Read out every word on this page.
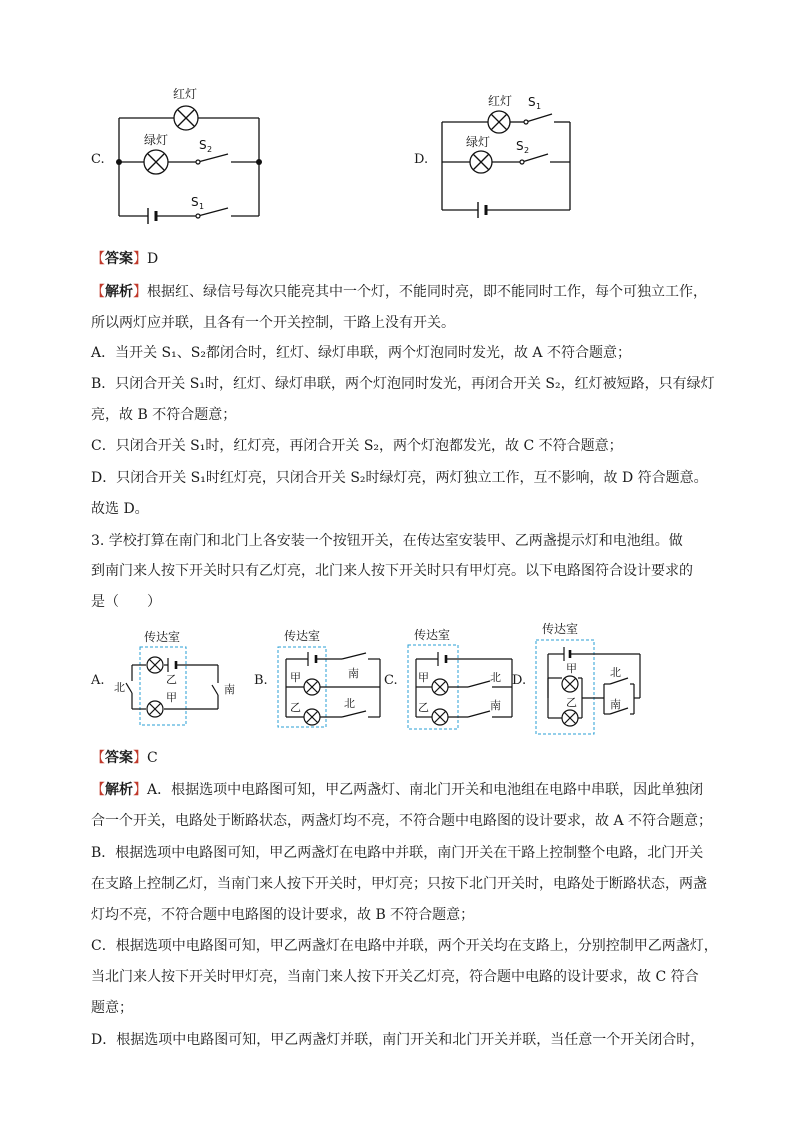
红灯
绿灯	S 2
S 1
C.
红灯
绿灯
S 1
S 2
D.
【答案】D
【解析】根据红、绿信号每次只能亮其中一个灯，不能同时亮，即不能同时工作，每个可独立工作，
所以两灯应并联，且各有一个开关控制，干路上没有开关。
A．当开关 S₁、S₂都闭合时，红灯、绿灯串联，两个灯泡同时发光，故 A 不符合题意；
B．只闭合开关 S₁时，红灯、绿灯串联，两个灯泡同时发光，再闭合开关 S₂，红灯被短路，只有绿灯
亮，故 B 不符合题意；
C．只闭合开关 S₁时，红灯亮，再闭合开关 S₂，两个灯泡都发光，故 C 不符合题意；
D．只闭合开关 S₁时红灯亮，只闭合开关 S₂时绿灯亮，两灯独立工作，互不影响，故 D 符合题意。
故选 D。
3. 学校打算在南门和北门上各安装一个按钮开关，在传达室安装甲、乙两盏提示灯和电池组。做
到南门来人按下开关时只有乙灯亮，北门来人按下开关时只有甲灯亮。以下电路图符合设计要求的
是（　　）
传达室
乙
甲
北	南
A.
传达室
甲
乙
南
北
B.
传达室
甲
乙
北
南
C.
传达室
甲
乙
北
南
D.
【答案】C
【解析】A．根据选项中电路图可知，甲乙两盏灯、南北门开关和电池组在电路中串联，因此单独闭
合一个开关，电路处于断路状态，两盏灯均不亮，不符合题中电路图的设计要求，故 A 不符合题意；
B．根据选项中电路图可知，甲乙两盏灯在电路中并联，南门开关在干路上控制整个电路，北门开关
在支路上控制乙灯，当南门来人按下开关时，甲灯亮；只按下北门开关时，电路处于断路状态，两盏
灯均不亮，不符合题中电路图的设计要求，故 B 不符合题意；
C．根据选项中电路图可知，甲乙两盏灯在电路中并联，两个开关均在支路上，分别控制甲乙两盏灯，
当北门来人按下开关时甲灯亮，当南门来人按下开关乙灯亮，符合题中电路的设计要求，故 C 符合
题意；
D．根据选项中电路图可知，甲乙两盏灯并联，南门开关和北门开关并联，当任意一个开关闭合时，
